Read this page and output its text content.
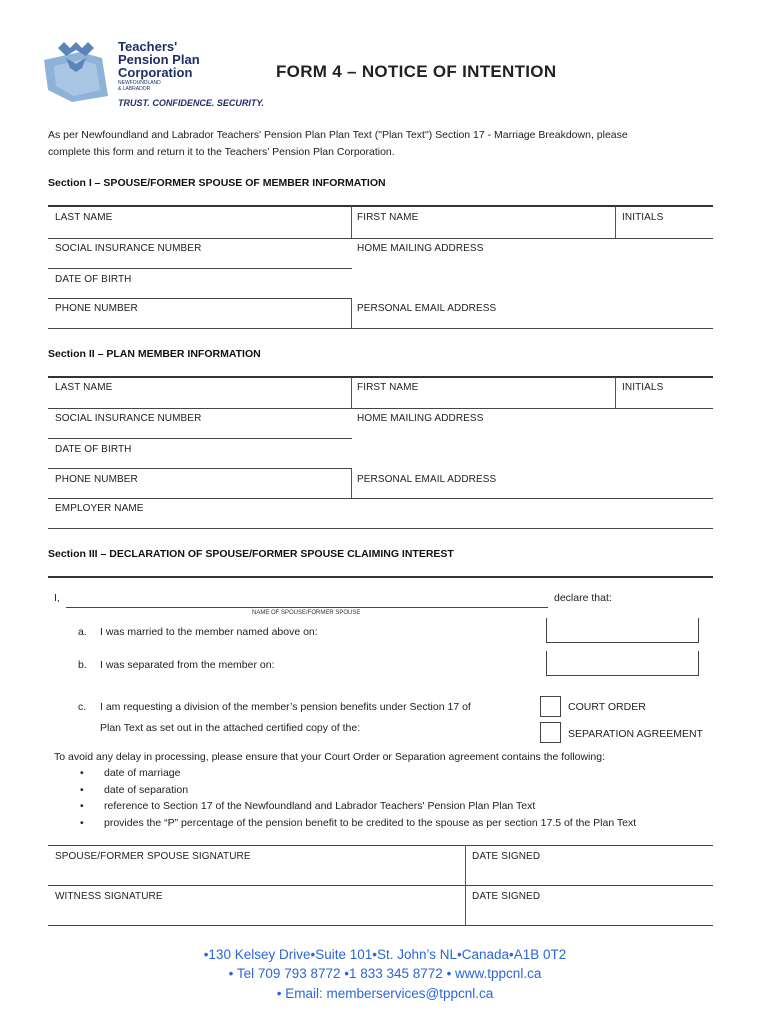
Teachers'
Pension Plan
Corporation
NEWFOUNDLAND
& LABRADOR
TRUST. CONFIDENCE. SECURITY.
FORM 4 – NOTICE OF INTENTION
As per Newfoundland and Labrador Teachers' Pension Plan Plan Text ("Plan Text") Section 17 - Marriage Breakdown, please
complete this form and return it to the Teachers’ Pension Plan Corporation.
Section I – SPOUSE/FORMER SPOUSE OF MEMBER INFORMATION
LAST NAME	FIRST NAME	INITIALS
SOCIAL INSURANCE NUMBER	HOME MAILING ADDRESS
DATE OF BIRTH
PHONE NUMBER	PERSONAL EMAIL ADDRESS
Section II – PLAN MEMBER INFORMATION
LAST NAME	FIRST NAME	INITIALS
SOCIAL INSURANCE NUMBER	HOME MAILING ADDRESS
DATE OF BIRTH
PHONE NUMBER	PERSONAL EMAIL ADDRESS
EMPLOYER NAME
Section III – DECLARATION OF SPOUSE/FORMER SPOUSE CLAIMING INTEREST
I,	declare that:
NAME OF SPOUSE/FORMER SPOUSE
a. I was married to the member named above on:
b. I was separated from the member on:
c. I am requesting a division of the member’s pension benefits under Section 17 of
Plan Text as set out in the attached certified copy of the:
COURT ORDER
SEPARATION AGREEMENT
To avoid any delay in processing, please ensure that your Court Order or Separation agreement contains the following:
• date of marriage
• date of separation
• reference to Section 17 of the Newfoundland and Labrador Teachers' Pension Plan Plan Text
• provides the “P” percentage of the pension benefit to be credited to the spouse as per section 17.5 of the Plan Text
SPOUSE/FORMER SPOUSE SIGNATURE	DATE SIGNED
WITNESS SIGNATURE	DATE SIGNED
•130 Kelsey Drive•Suite 101•St. John’s NL•Canada•A1B 0T2
• Tel 709 793 8772 •1 833 345 8772 • www.tppcnl.ca
• Email: memberservices@tppcnl.ca
